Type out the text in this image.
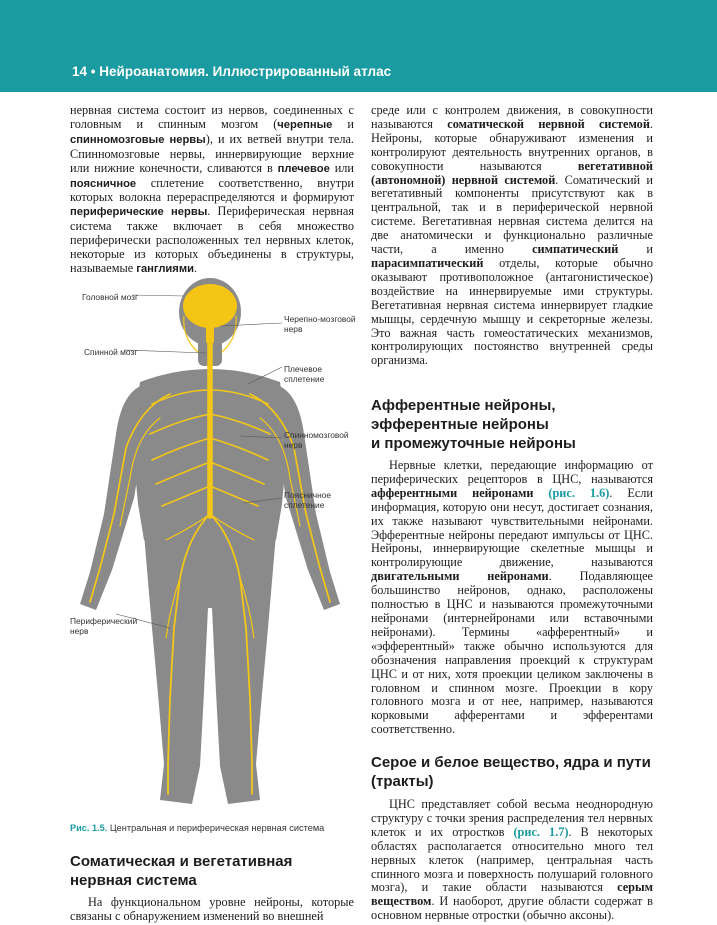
14 • Нейроанатомия. Иллюстрированный атлас

нервная система состоит из нервов, соединенных с головным и спинным мозгом (черепные и спинномозговые нервы), и их ветвей внутри тела. Спинномозговые нервы, иннервирующие верхние или нижние конечности, сливаются в плечевое или поясничное сплетение соответственно, внутри которых волокна перераспределяются и формируют периферические нервы. Периферическая нервная система также включает в себя множество периферически расположенных тел нервных клеток, некоторые из которых объединены в структуры, называемые ганглиями.

Головной мозг
Черепно-мозговой нерв
Спинной мозг
Плечевое сплетение
Спинномозговой нерв
Поясничное сплетение
Периферический нерв
Рис. 1.5. Центральная и периферическая нервная система
Соматическая и вегетативная
нервная система

На функциональном уровне нейроны, которые связаны с обнаружением изменений во внешней

среде или с контролем движения, в совокупности называются соматической нервной системой. Нейроны, которые обнаруживают изменения и контролируют деятельность внутренних органов, в совокупности называются вегетативной (автономной) нервной системой. Соматический и вегетативный компоненты присутствуют как в центральной, так и в периферической нервной системе. Вегетативная нервная система делится на две анатомически и функционально различные части, а именно симпатический и парасимпатический отделы, которые обычно оказывают противоположное (антагонистическое) воздействие на иннервируемые ими структуры. Вегетативная нервная система иннервирует гладкие мышцы, сердечную мышцу и секреторные железы. Это важная часть гомеостатических механизмов, контролирующих постоянство внутренней среды организма.

Афферентные нейроны,
эфферентные нейроны
и промежуточные нейроны

Нервные клетки, передающие информацию от периферических рецепторов в ЦНС, называются афферентными нейронами (рис. 1.6). Если информация, которую они несут, достигает сознания, их также называют чувствительными нейронами. Эфферентные нейроны передают импульсы от ЦНС. Нейроны, иннервирующие скелетные мышцы и контролирующие движение, называются двигательными нейронами. Подавляющее большинство нейронов, однако, расположены полностью в ЦНС и называются промежуточными нейронами (интернейронами или вставочными нейронами). Термины «афферентный» и «эфферентный» также обычно используются для обозначения направления проекций к структурам ЦНС и от них, хотя проекции целиком заключены в головном и спинном мозге. Проекции в кору головного мозга и от нее, например, называются корковыми афферентами и эфферентами соответственно.

Серое и белое вещество, ядра и пути
(тракты)

ЦНС представляет собой весьма неоднородную структуру с точки зрения распределения тел нервных клеток и их отростков (рис. 1.7). В некоторых областях располагается относительно много тел нервных клеток (например, центральная часть спинного мозга и поверхность полушарий головного мозга), и такие области называются серым веществом. И наоборот, другие области содержат в основном нервные отростки (обычно аксоны).
